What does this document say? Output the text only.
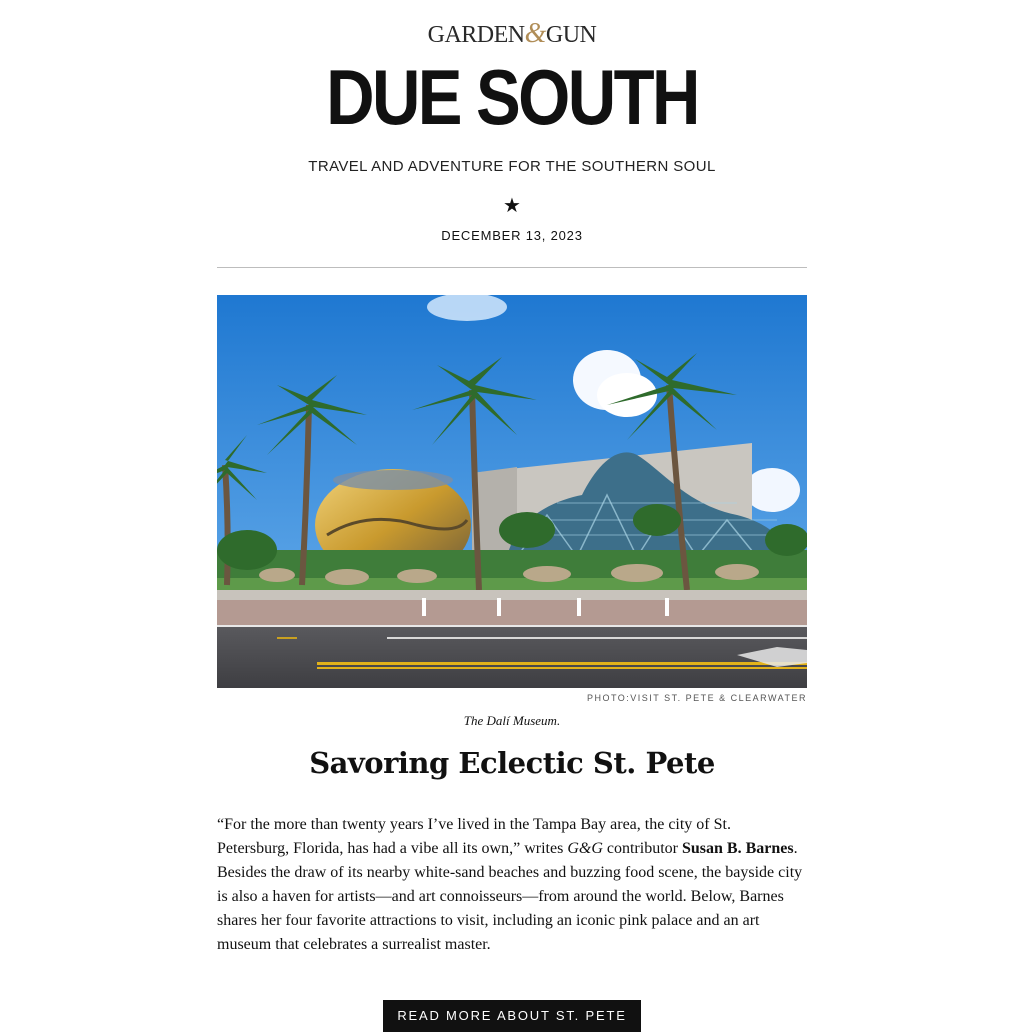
GARDEN&GUN
DUE SOUTH
TRAVEL AND ADVENTURE FOR THE SOUTHERN SOUL
★
DECEMBER 13, 2023
PHOTO:VISIT ST. PETE & CLEARWATER
The Dalí Museum.
Savoring Eclectic St. Pete
“For the more than twenty years I’ve lived in the Tampa Bay area, the city of St. Petersburg, Florida, has had a vibe all its own,” writes G&G contributor Susan B. Barnes. Besides the draw of its nearby white-sand beaches and buzzing food scene, the bayside city is also a haven for artists—and art connoisseurs—from around the world. Below, Barnes shares her four favorite attractions to visit, including an iconic pink palace and an art museum that celebrates a surrealist master.
READ MORE ABOUT ST. PETE
